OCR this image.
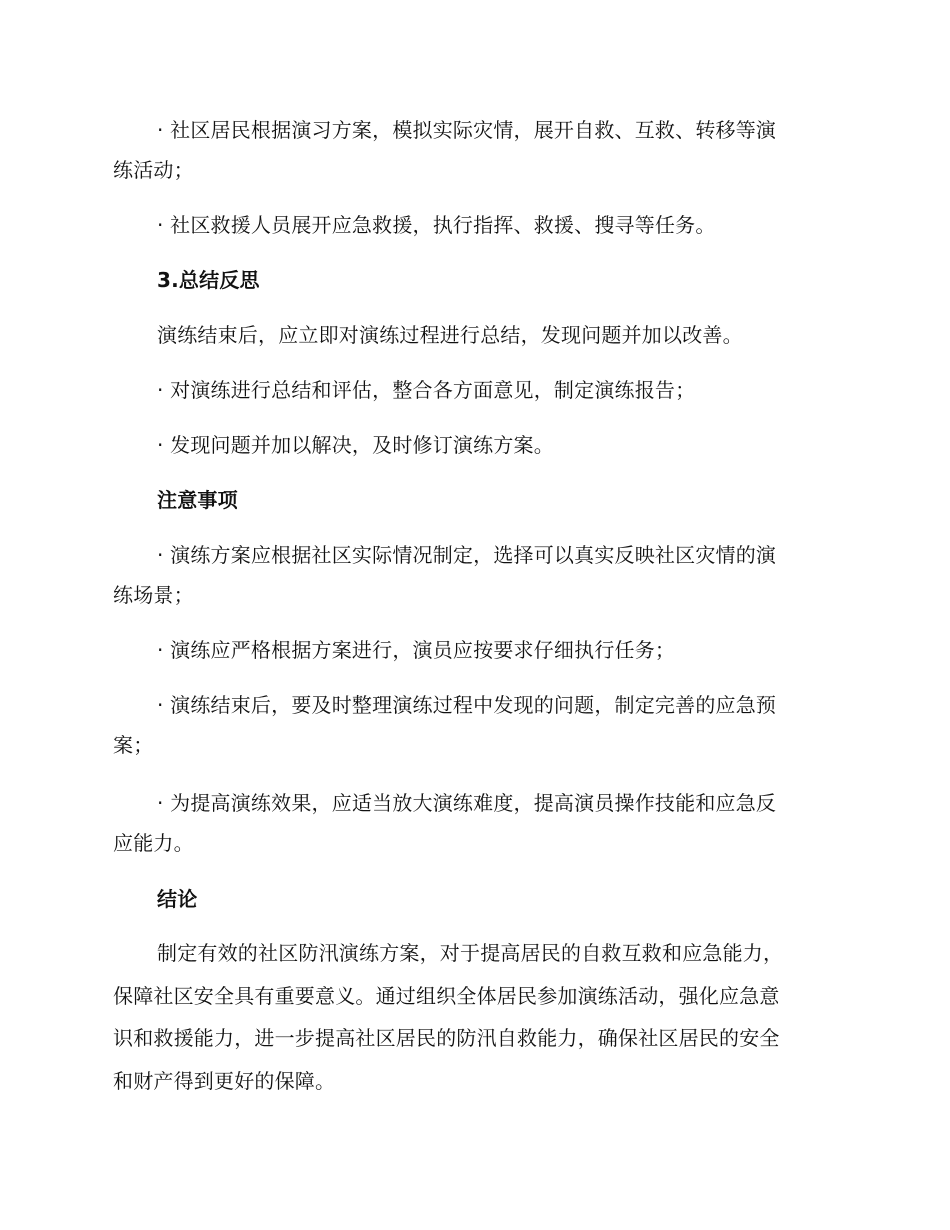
· 社区居民根据演习方案，模拟实际灾情，展开自救、互救、转移等演
练活动；
· 社区救援人员展开应急救援，执行指挥、救援、搜寻等任务。
3.总结反思
演练结束后，应立即对演练过程进行总结，发现问题并加以改善。
· 对演练进行总结和评估，整合各方面意见，制定演练报告；
· 发现问题并加以解决，及时修订演练方案。
注意事项
· 演练方案应根据社区实际情况制定，选择可以真实反映社区灾情的演
练场景；
· 演练应严格根据方案进行，演员应按要求仔细执行任务；
· 演练结束后，要及时整理演练过程中发现的问题，制定完善的应急预
案；
· 为提高演练效果，应适当放大演练难度，提高演员操作技能和应急反
应能力。
结论
制定有效的社区防汛演练方案，对于提高居民的自救互救和应急能力，
保障社区安全具有重要意义。通过组织全体居民参加演练活动，强化应急意
识和救援能力，进一步提高社区居民的防汛自救能力，确保社区居民的安全
和财产得到更好的保障。
